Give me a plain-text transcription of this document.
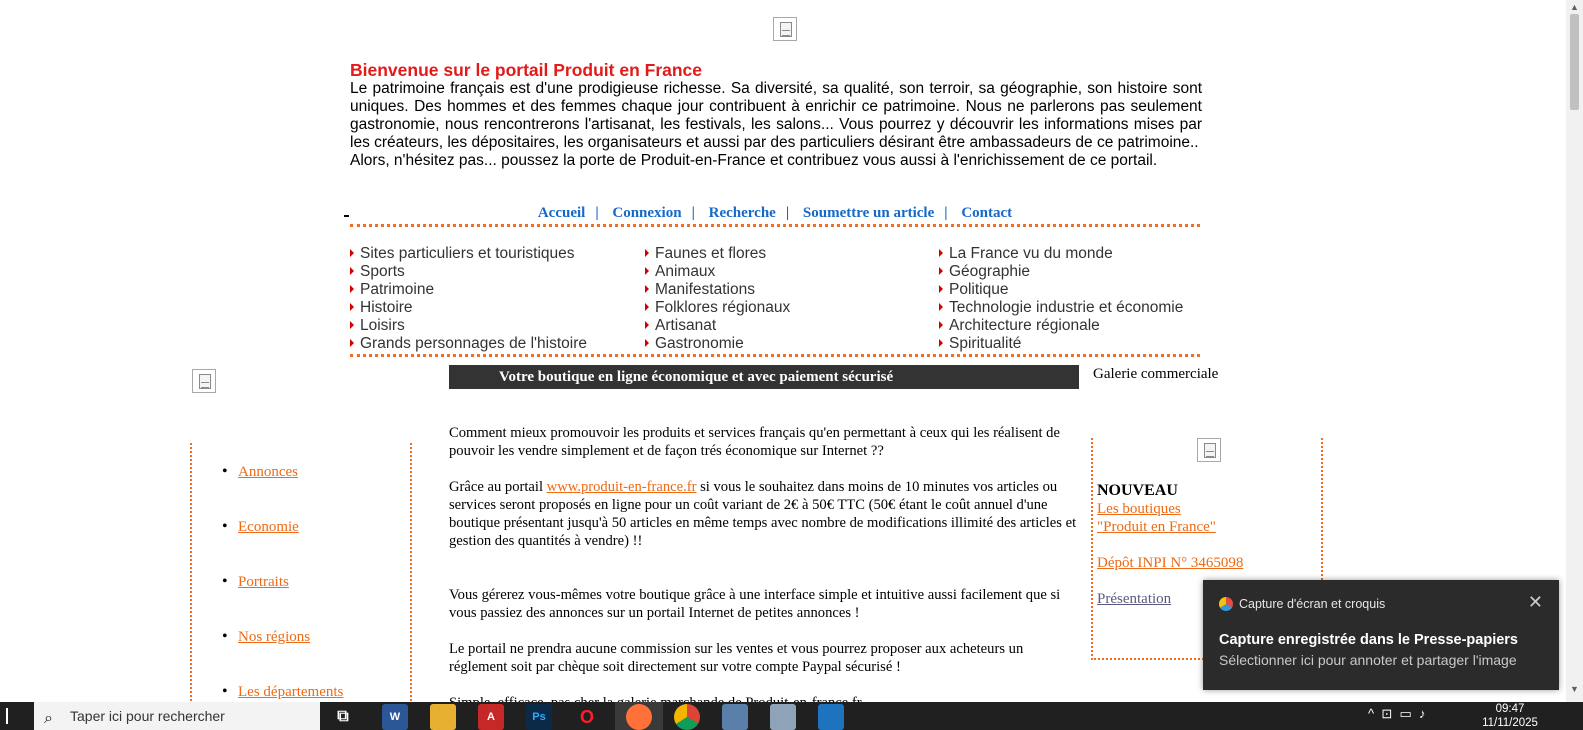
Bienvenue sur le portail Produit en France

Le patrimoine français est d'une prodigieuse richesse. Sa diversité, sa qualité, son terroir, sa géographie, son histoire sont uniques. Des hommes et des femmes chaque jour contribuent à enrichir ce patrimoine. Nous ne parlerons pas seulement gastronomie, nous rencontrerons l'artisanat, les festivals, les salons... Vous pourrez y découvrir les informations mises par les créateurs, les dépositaires, les organisateurs et aussi par des particuliers désirant être ambassadeurs de ce patrimoine..

Alors, n'hésitez pas... poussez la porte de Produit-en-France et contribuez vous aussi à l'enrichissement de ce portail.

Accueil | Connexion | Recherche | Soumettre un article | Contact
Sites particuliers et touristiques
Sports
Patrimoine
Histoire
Loisirs
Grands personnages de l'histoire
Faunes et flores
Animaux
Manifestations
Folklores régionaux
Artisanat
Gastronomie
La France vu du monde
Géographie
Politique
Technologie industrie et économie
Architecture régionale
Spiritualité
Votre boutique en ligne économique et avec paiement sécurisé	Galerie commerciale
• Annonces
• Economie
• Portraits
• Nos régions
• Les départements

Comment mieux promouvoir les produits et services français qu'en permettant à ceux qui les réalisent de pouvoir les vendre simplement et de façon trés économique sur Internet ??

Grâce au portail www.produit-en-france.fr si vous le souhaitez dans moins de 10 minutes vos articles ou services seront proposés en ligne pour un coût variant de 2€ à 50€ TTC (50€ étant le coût annuel d'une boutique présentant jusqu'à 50 articles en même temps avec nombre de modifications illimité des articles et gestion des quantités à vendre) !!

Vous gérerez vous-mêmes votre boutique grâce à une interface simple et intuitive aussi facilement que si vous passiez des annonces sur un portail Internet de petites annonces !

Le portail ne prendra aucune commission sur les ventes et vous pourrez proposer aux acheteurs un réglement soit par chèque soit directement sur votre compte Paypal sécurisé !

NOUVEAU
Les boutiques
"Produit en France"

Dépôt INPI N° 3465098

Présentation
▲
▼
Capture d'écran et croquis	✕
Capture enregistrée dans le Presse-papiers
Sélectionner ici pour annoter et partager l'image
⌕ Taper ici pour rechercher	⧉	W	A	Ps	O	^  ⊡  ▭  ♪	09:47
11/11/2025
